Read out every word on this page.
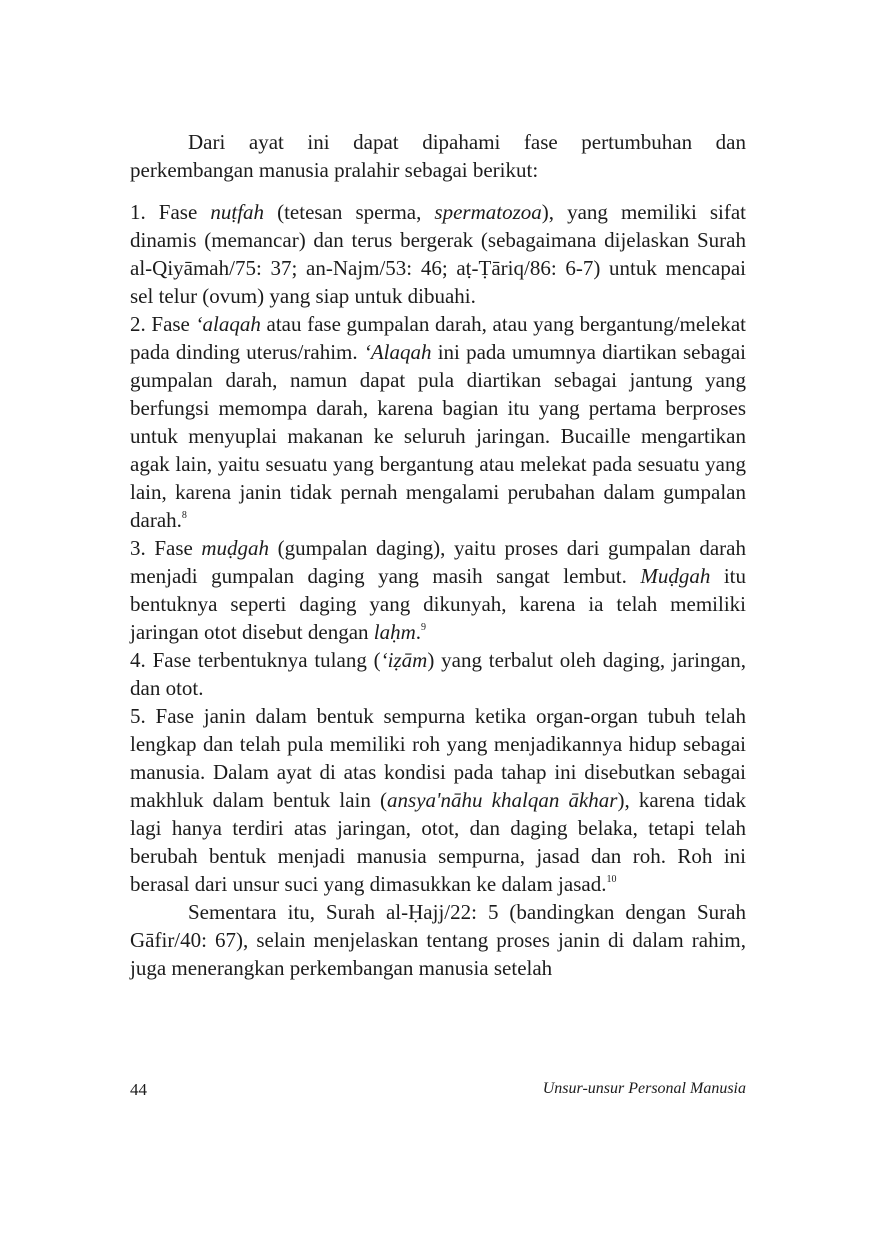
Dari ayat ini dapat dipahami fase pertumbuhan dan perkembangan manusia pralahir sebagai berikut:

1. Fase nuṭfah (tetesan sperma, spermatozoa), yang memiliki sifat dinamis (memancar) dan terus bergerak (sebagaimana dijelaskan Surah al-Qiyāmah/75: 37; an-Najm/53: 46; aṭ-Ṭāriq/86: 6-7) untuk mencapai sel telur (ovum) yang siap untuk dibuahi.

2. Fase ‘alaqah atau fase gumpalan darah, atau yang bergantung/melekat pada dinding uterus/rahim. ‘Alaqah ini pada umumnya diartikan sebagai gumpalan darah, namun dapat pula diartikan sebagai jantung yang berfungsi memompa darah, karena bagian itu yang pertama berproses untuk menyuplai makanan ke seluruh jaringan. Bucaille mengartikan agak lain, yaitu sesuatu yang bergantung atau melekat pada sesuatu yang lain, karena janin tidak pernah mengalami perubahan dalam gumpalan darah.$^8$

3. Fase muḍgah (gumpalan daging), yaitu proses dari gumpalan darah menjadi gumpalan daging yang masih sangat lembut. Muḍgah itu bentuknya seperti daging yang dikunyah, karena ia telah memiliki jaringan otot disebut dengan laḥm.$^9$

4. Fase terbentuknya tulang (‘iẓām) yang terbalut oleh daging, jaringan, dan otot.

5. Fase janin dalam bentuk sempurna ketika organ-organ tubuh telah lengkap dan telah pula memiliki roh yang menjadikannya hidup sebagai manusia. Dalam ayat di atas kondisi pada tahap ini disebutkan sebagai makhluk dalam bentuk lain (ansya'nāhu khalqan ākhar), karena tidak lagi hanya terdiri atas jaringan, otot, dan daging belaka, tetapi telah berubah bentuk menjadi manusia sempurna, jasad dan roh. Roh ini berasal dari unsur suci yang dimasukkan ke dalam jasad.$^{10}$

Sementara itu, Surah al-Ḥajj/22: 5 (bandingkan dengan Surah Gāfir/40: 67), selain menjelaskan tentang proses janin di dalam rahim, juga menerangkan perkembangan manusia setelah

44	Unsur-unsur Personal Manusia
